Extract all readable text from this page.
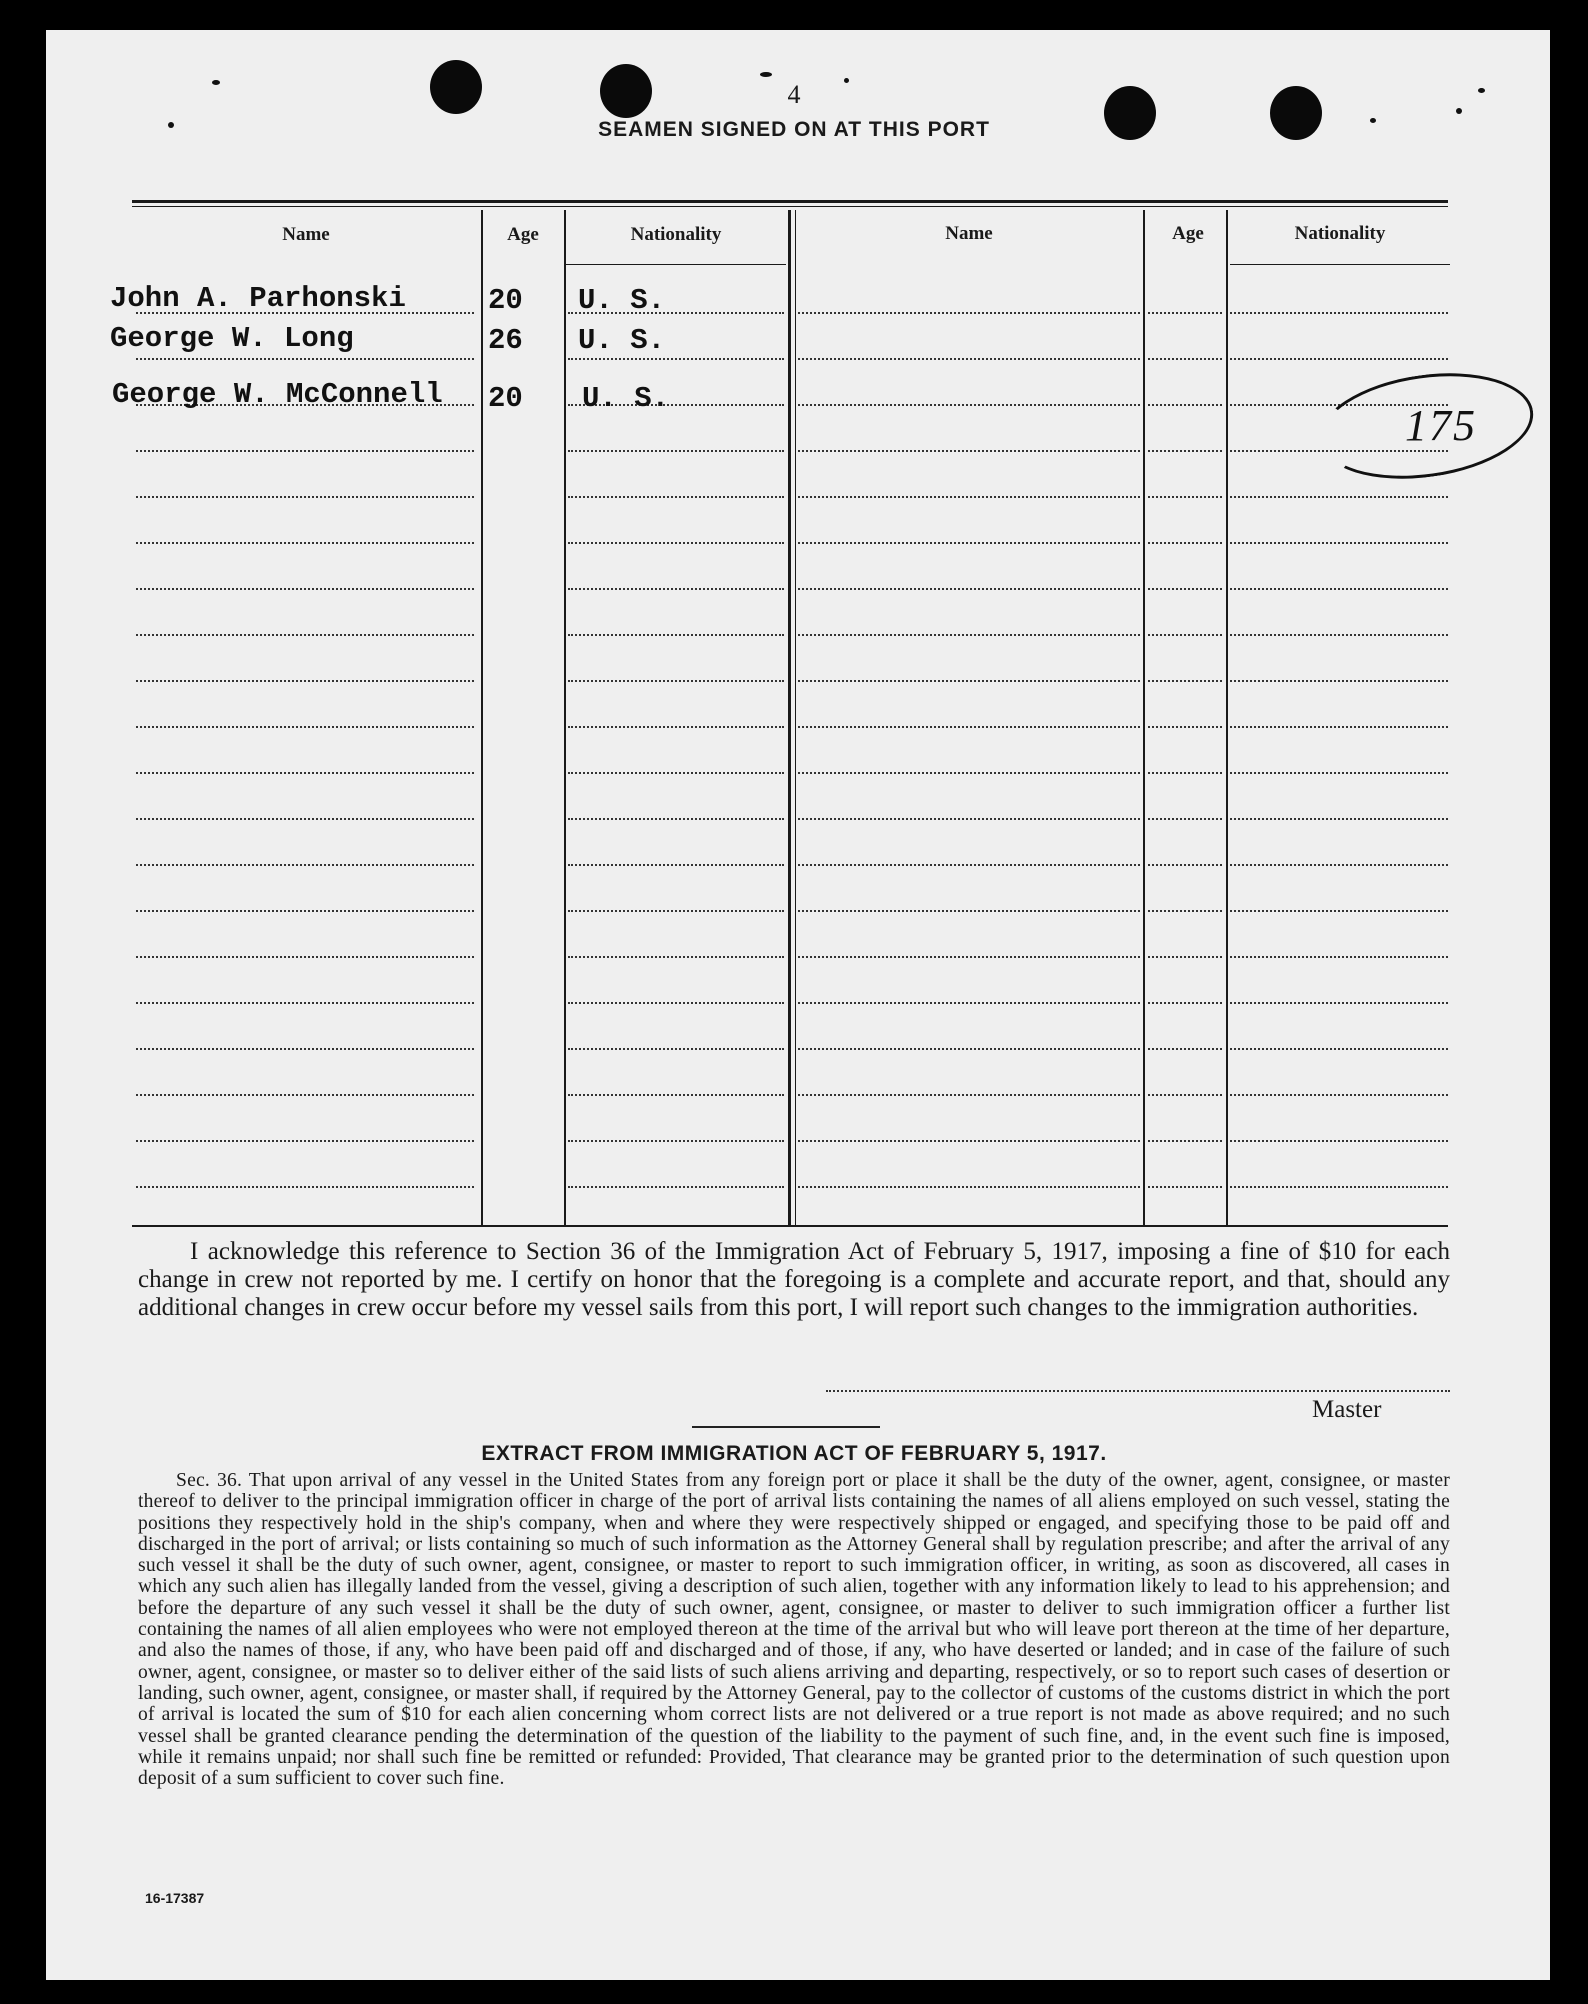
4
SEAMEN SIGNED ON AT THIS PORT
Name	Age	Nationality	Name	Age	Nationality
John A. Parhonski	20 U. S.
George W. Long	26 U. S.
George W. McConnell 20 U. S.
175
I acknowledge this reference to Section 36 of the Immigration Act of February 5, 1917, imposing a fine of $10 for each change in crew not reported by me. I certify on honor that the foregoing is a complete and accurate report, and that, should any additional changes in crew occur before my vessel sails from this port, I will report such changes to the immigration authorities.
Master
EXTRACT FROM IMMIGRATION ACT OF FEBRUARY 5, 1917.
Sec. 36. That upon arrival of any vessel in the United States from any foreign port or place it shall be the duty of the owner, agent, consignee, or master thereof to deliver to the principal immigration officer in charge of the port of arrival lists containing the names of all aliens employed on such vessel, stating the positions they respectively hold in the ship's company, when and where they were respectively shipped or engaged, and specifying those to be paid off and discharged in the port of arrival; or lists containing so much of such information as the Attorney General shall by regulation prescribe; and after the arrival of any such vessel it shall be the duty of such owner, agent, consignee, or master to report to such immigration officer, in writing, as soon as discovered, all cases in which any such alien has illegally landed from the vessel, giving a description of such alien, together with any information likely to lead to his apprehension; and before the departure of any such vessel it shall be the duty of such owner, agent, consignee, or master to deliver to such immigration officer a further list containing the names of all alien employees who were not employed thereon at the time of the arrival but who will leave port thereon at the time of her departure, and also the names of those, if any, who have been paid off and discharged and of those, if any, who have deserted or landed; and in case of the failure of such owner, agent, consignee, or master so to deliver either of the said lists of such aliens arriving and departing, respectively, or so to report such cases of desertion or landing, such owner, agent, consignee, or master shall, if required by the Attorney General, pay to the collector of customs of the customs district in which the port of arrival is located the sum of $10 for each alien concerning whom correct lists are not delivered or a true report is not made as above required; and no such vessel shall be granted clearance pending the determination of the question of the liability to the payment of such fine, and, in the event such fine is imposed, while it remains unpaid; nor shall such fine be remitted or refunded: Provided, That clearance may be granted prior to the determination of such question upon deposit of a sum sufficient to cover such fine.
16-17387
